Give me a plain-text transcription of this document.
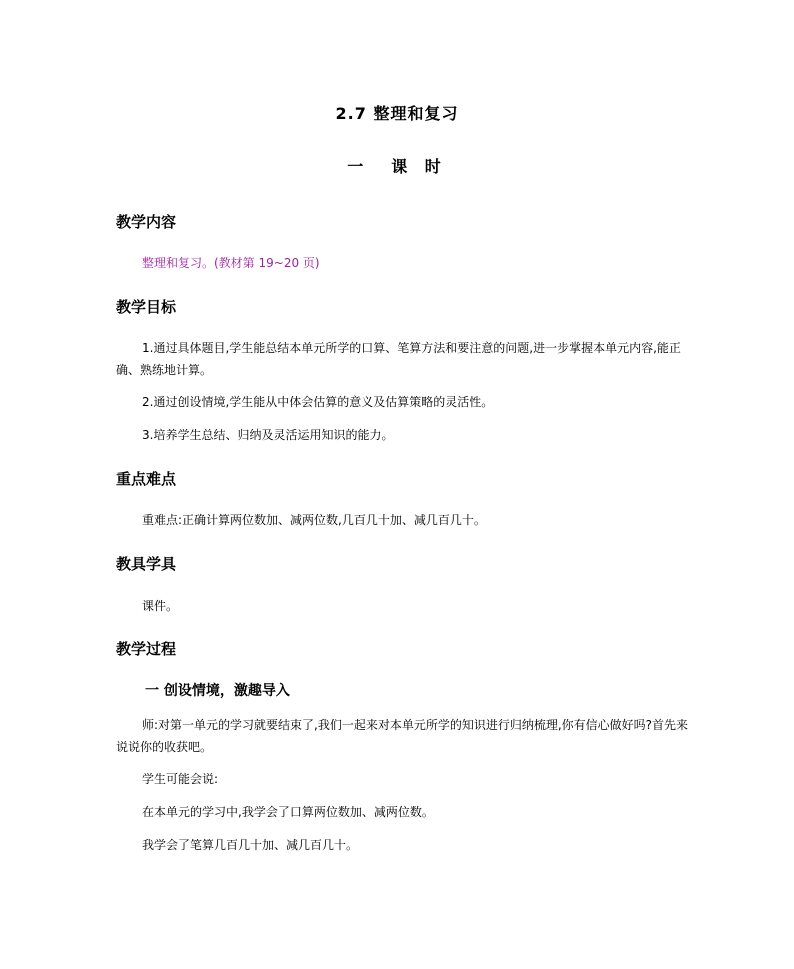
2.7 整理和复习
一　课 时
教学内容
整理和复习。(教材第 19~20 页)
教学目标
1.通过具体题目,学生能总结本单元所学的口算、笔算方法和要注意的问题,进一步掌握本单元内容,能正确、熟练地计算。
2.通过创设情境,学生能从中体会估算的意义及估算策略的灵活性。
3.培养学生总结、归纳及灵活运用知识的能力。
重点难点
重难点:正确计算两位数加、减两位数,几百几十加、减几百几十。
教具学具
课件。
教学过程
一 创设情境，激趣导入
师:对第一单元的学习就要结束了,我们一起来对本单元所学的知识进行归纳梳理,你有信心做好吗?首先来说说你的收获吧。
学生可能会说:
在本单元的学习中,我学会了口算两位数加、减两位数。
我学会了笔算几百几十加、减几百几十。
